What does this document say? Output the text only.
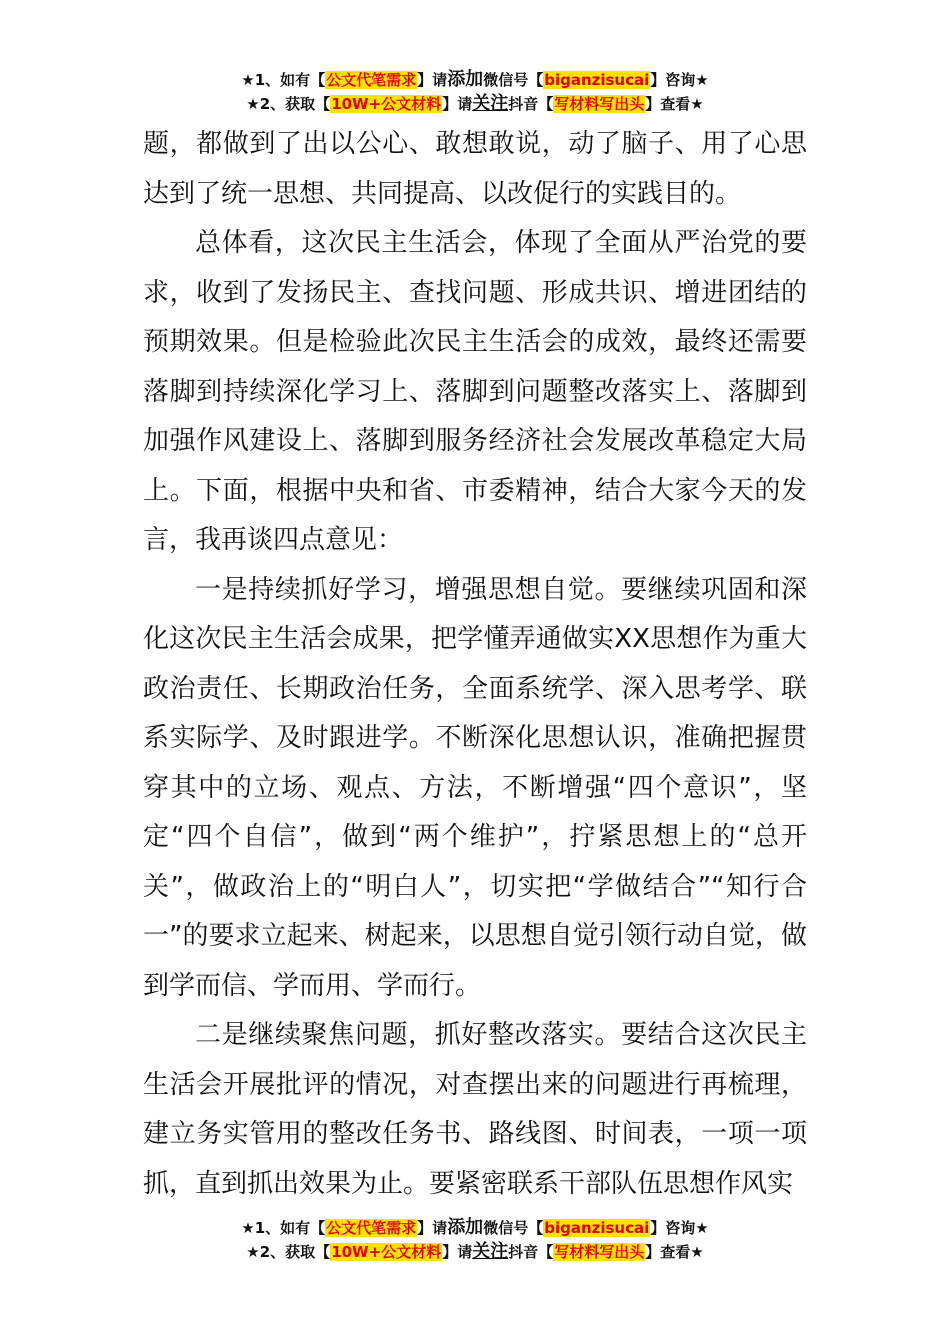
★1、如有【公文代笔需求】请添加微信号【biganzisucai】咨询★
★2、获取【10W+公文材料】请关注抖音【写材料写出头】查看★

题，都做到了出以公心、敢想敢说，动了脑子、用了心思达到了统一思想、共同提高、以改促行的实践目的。

总体看，这次民主生活会，体现了全面从严治党的要求，收到了发扬民主、查找问题、形成共识、增进团结的预期效果。但是检验此次民主生活会的成效，最终还需要落脚到持续深化学习上、落脚到问题整改落实上、落脚到加强作风建设上、落脚到服务经济社会发展改革稳定大局上。下面，根据中央和省、市委精神，结合大家今天的发言，我再谈四点意见：

一是持续抓好学习，增强思想自觉。要继续巩固和深化这次民主生活会成果，把学懂弄通做实XX思想作为重大政治责任、长期政治任务，全面系统学、深入思考学、联系实际学、及时跟进学。不断深化思想认识，准确把握贯穿其中的立场、观点、方法，不断增强“四个意识”，坚定“四个自信”，做到“两个维护”，拧紧思想上的“总开关”，做政治上的“明白人”，切实把“学做结合”“知行合一”的要求立起来、树起来，以思想自觉引领行动自觉，做到学而信、学而用、学而行。

二是继续聚焦问题，抓好整改落实。要结合这次民主生活会开展批评的情况，对查摆出来的问题进行再梳理，建立务实管用的整改任务书、路线图、时间表，一项一项抓，直到抓出效果为止。要紧密联系干部队伍思想作风实

★1、如有【公文代笔需求】请添加微信号【biganzisucai】咨询★
★2、获取【10W+公文材料】请关注抖音【写材料写出头】查看★
